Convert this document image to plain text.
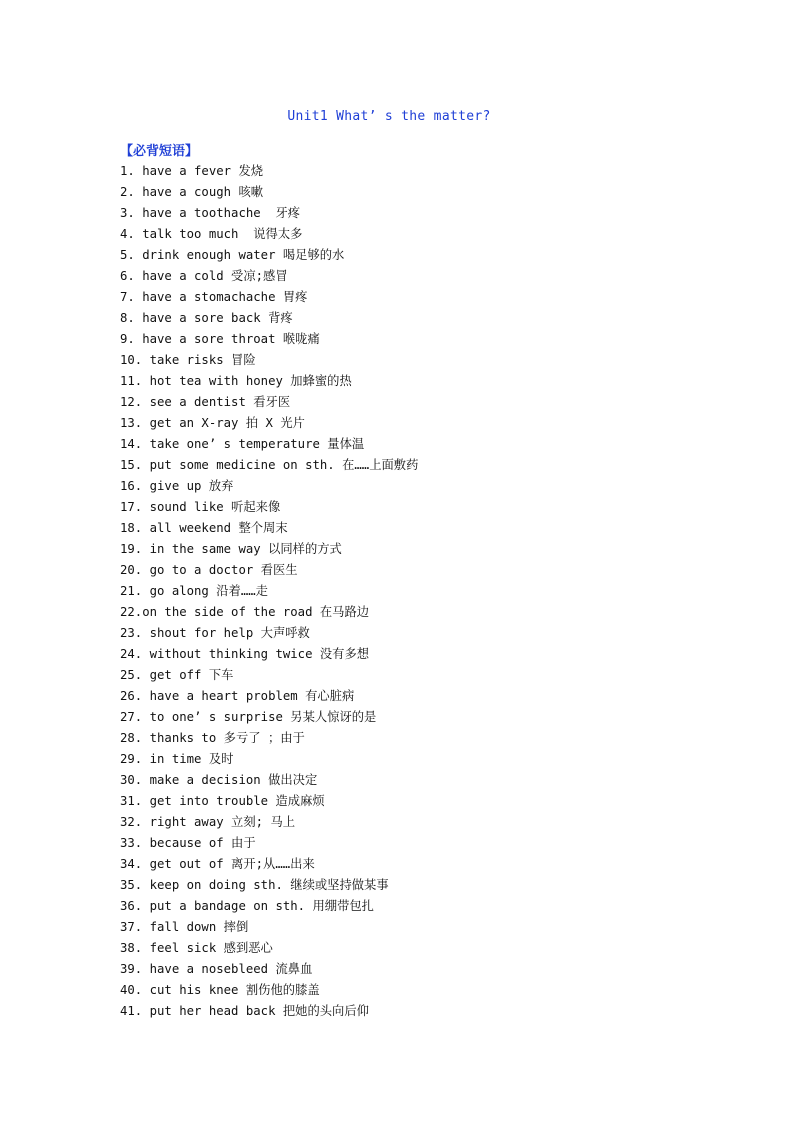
Unit1 What’ s the matter?
【必背短语】
1. have a fever 发烧
2. have a cough 咳嗽
3. have a toothache  牙疼
4. talk too much  说得太多
5. drink enough water 喝足够的水
6. have a cold 受凉;感冒
7. have a stomachache 胃疼
8. have a sore back 背疼
9. have a sore throat 喉咙痛
10. take risks 冒险
11. hot tea with honey 加蜂蜜的热
12. see a dentist 看牙医
13. get an X-ray 拍 X 光片
14. take one’ s temperature 量体温
15. put some medicine on sth. 在……上面敷药
16. give up 放弃
17. sound like 听起来像
18. all weekend 整个周末
19. in the same way 以同样的方式
20. go to a doctor 看医生
21. go along 沿着……走
22.on the side of the road 在马路边
23. shout for help 大声呼救
24. without thinking twice 没有多想
25. get off 下车
26. have a heart problem 有心脏病
27. to one’ s surprise 另某人惊讶的是
28. thanks to 多亏了 ；由于
29. in time 及时
30. make a decision 做出决定
31. get into trouble 造成麻烦
32. right away 立刻; 马上
33. because of 由于
34. get out of 离开;从……出来
35. keep on doing sth. 继续或坚持做某事
36. put a bandage on sth. 用绷带包扎
37. fall down 摔倒
38. feel sick 感到恶心
39. have a nosebleed 流鼻血
40. cut his knee 割伤他的膝盖
41. put her head back 把她的头向后仰
